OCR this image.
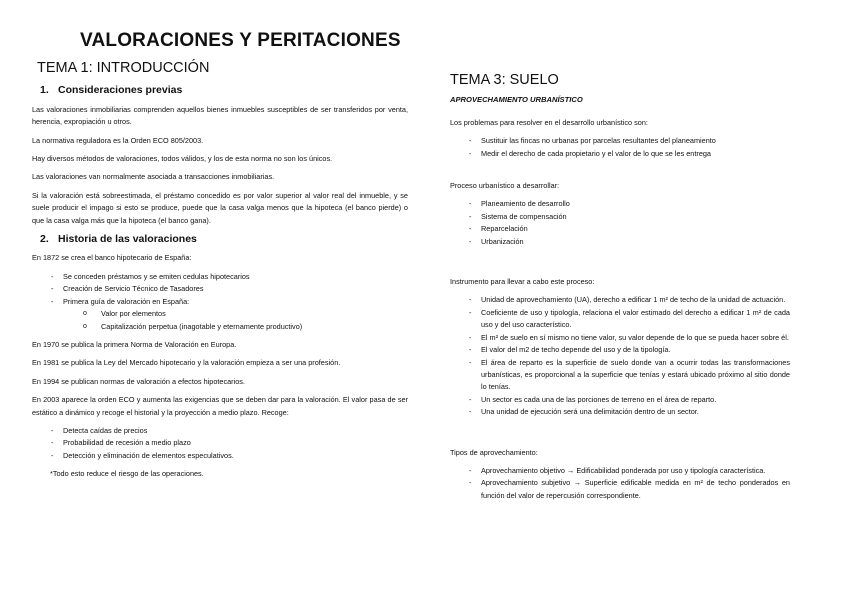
VALORACIONES Y PERITACIONES
TEMA 1: INTRODUCCIÓN
1. Consideraciones previas

Las valoraciones inmobiliarias comprenden aquellos bienes inmuebles susceptibles de ser transferidos por venta, herencia, expropiación u otros.

La normativa reguladora es la Orden ECO 805/2003.

Hay diversos métodos de valoraciones, todos válidos, y los de esta norma no son los únicos.

Las valoraciones van normalmente asociada a transacciones inmobiliarias.

Si la valoración está sobreestimada, el préstamo concedido es por valor superior al valor real del inmueble, y se suele producir el impago si esto se produce, puede que la casa valga menos que la hipoteca (el banco pierde) o que la casa valga más que la hipoteca (el banco gana).

2. Historia de las valoraciones

En 1872 se crea el banco hipotecario de España:

- Se conceden préstamos y se emiten cedulas hipotecarios
- Creación de Servicio Técnico de Tasadores
- Primera guía de valoración en España:
o Valor por elementos
o Capitalización perpetua (inagotable y eternamente productivo)

En 1970 se publica la primera Norma de Valoración en Europa.

En 1981 se publica la Ley del Mercado hipotecario y la valoración empieza a ser una profesión.

En 1994 se publican normas de valoración a efectos hipotecarios.

En 2003 aparece la orden ECO y aumenta las exigencias que se deben dar para la valoración. El valor pasa de ser estático a dinámico y recoge el historial y la proyección a medio plazo. Recoge:

- Detecta caídas de precios
- Probabilidad de recesión a medio plazo
- Detección y eliminación de elementos especulativos.
*Todo esto reduce el riesgo de las operaciones.
TEMA 3: SUELO
APROVECHAMIENTO URBANÍSTICO

Los problemas para resolver en el desarrollo urbanístico son:

- Sustituir las fincas no urbanas por parcelas resultantes del planeamiento
- Medir el derecho de cada propietario y el valor de lo que se les entrega

Proceso urbanístico a desarrollar:

- Planeamiento de desarrollo
- Sistema de compensación
- Reparcelación
- Urbanización

Instrumento para llevar a cabo este proceso:

- Unidad de aprovechamiento (UA), derecho a edificar 1 m² de techo de la unidad de actuación.
- Coeficiente de uso y tipología, relaciona el valor estimado del derecho a edificar 1 m² de cada uso y del uso característico.
- El m² de suelo en sí mismo no tiene valor, su valor depende de lo que se pueda hacer sobre él.
- El valor del m2 de techo depende del uso y de la tipología.
- El área de reparto es la superficie de suelo donde van a ocurrir todas las transformaciones urbanísticas, es proporcional a la superficie que tenías y estará ubicado próximo al sitio donde lo tenías.
- Un sector es cada una de las porciones de terreno en el área de reparto.
- Una unidad de ejecución será una delimitación dentro de un sector.

Tipos de aprovechamiento:

- Aprovechamiento objetivo → Edificabilidad ponderada por uso y tipología característica.
- Aprovechamiento subjetivo → Superficie edificable medida en m² de techo ponderados en función del valor de repercusión correspondiente.
